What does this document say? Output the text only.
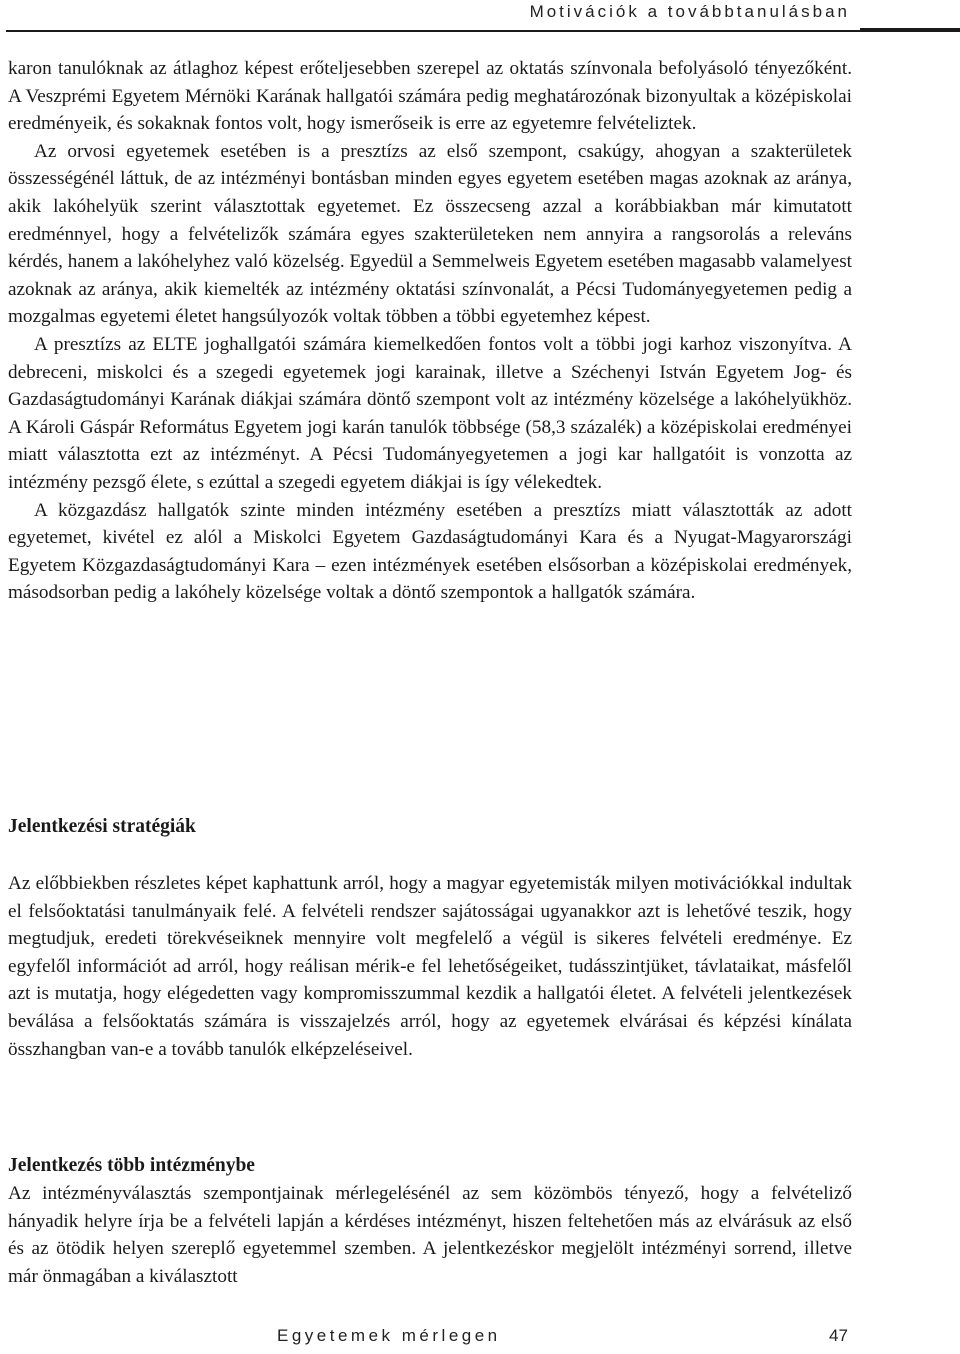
Motivációk a továbbtanulásban

karon tanulóknak az átlaghoz képest erőteljesebben szerepel az oktatás színvonala befolyásoló tényezőként. A Veszprémi Egyetem Mérnöki Karának hallgatói számára pedig meghatározónak bizonyultak a középiskolai eredményeik, és sokaknak fontos volt, hogy ismerőseik is erre az egyetemre felvételiztek.

Az orvosi egyetemek esetében is a presztízs az első szempont, csakúgy, ahogyan a szakterületek összességénél láttuk, de az intézményi bontásban minden egyes egyetem esetében magas azoknak az aránya, akik lakóhelyük szerint választottak egyetemet. Ez összecseng azzal a korábbiakban már kimutatott eredménnyel, hogy a felvételizők számára egyes szakterületeken nem annyira a rangsorolás a releváns kérdés, hanem a lakóhelyhez való közelség. Egyedül a Semmelweis Egyetem esetében magasabb valamelyest azoknak az aránya, akik kiemelték az intézmény oktatási színvonalát, a Pécsi Tudományegyetemen pedig a mozgalmas egyetemi életet hangsúlyozók voltak többen a többi egyetemhez képest.

A presztízs az ELTE joghallgatói számára kiemelkedően fontos volt a többi jogi karhoz viszonyítva. A debreceni, miskolci és a szegedi egyetemek jogi karainak, illetve a Széchenyi István Egyetem Jog- és Gazdaságtudományi Karának diákjai számára döntő szempont volt az intézmény közelsége a lakóhelyükhöz. A Károli Gáspár Református Egyetem jogi karán tanulók többsége (58,3 százalék) a középiskolai eredményei miatt választotta ezt az intézményt. A Pécsi Tudományegyetemen a jogi kar hallgatóit is vonzotta az intézmény pezsgő élete, s ezúttal a szegedi egyetem diákjai is így vélekedtek.

A közgazdász hallgatók szinte minden intézmény esetében a presztízs miatt választották az adott egyetemet, kivétel ez alól a Miskolci Egyetem Gazdaságtudományi Kara és a Nyugat-Magyarországi Egyetem Közgazdaságtudományi Kara – ezen intézmények esetében elsősorban a középiskolai eredmények, másodsorban pedig a lakóhely közelsége voltak a döntő szempontok a hallgatók számára.

Jelentkezési stratégiák

Az előbbiekben részletes képet kaphattunk arról, hogy a magyar egyetemisták milyen motivációkkal indultak el felsőoktatási tanulmányaik felé. A felvételi rendszer sajátosságai ugyanakkor azt is lehetővé teszik, hogy megtudjuk, eredeti törekvéseiknek mennyire volt megfelelő a végül is sikeres felvételi eredménye. Ez egyfelől információt ad arról, hogy reálisan mérik-e fel lehetőségeiket, tudásszintjüket, távlataikat, másfelől azt is mutatja, hogy elégedetten vagy kompromisszummal kezdik a hallgatói életet. A felvételi jelentkezések beválása a felsőoktatás számára is visszajelzés arról, hogy az egyetemek elvárásai és képzési kínálata összhangban van-e a tovább tanulók elképzeléseivel.

Jelentkezés több intézménybe

Az intézményválasztás szempontjainak mérlegelésénél az sem közömbös tényező, hogy a felvételiző hányadik helyre írja be a felvételi lapján a kérdéses intézményt, hiszen feltehetően más az elvárásuk az első és az ötödik helyen szereplő egyetemmel szemben. A jelentkezéskor megjelölt intézményi sorrend, illetve már önmagában a kiválasztott

Egyetemek mérlegen	47
